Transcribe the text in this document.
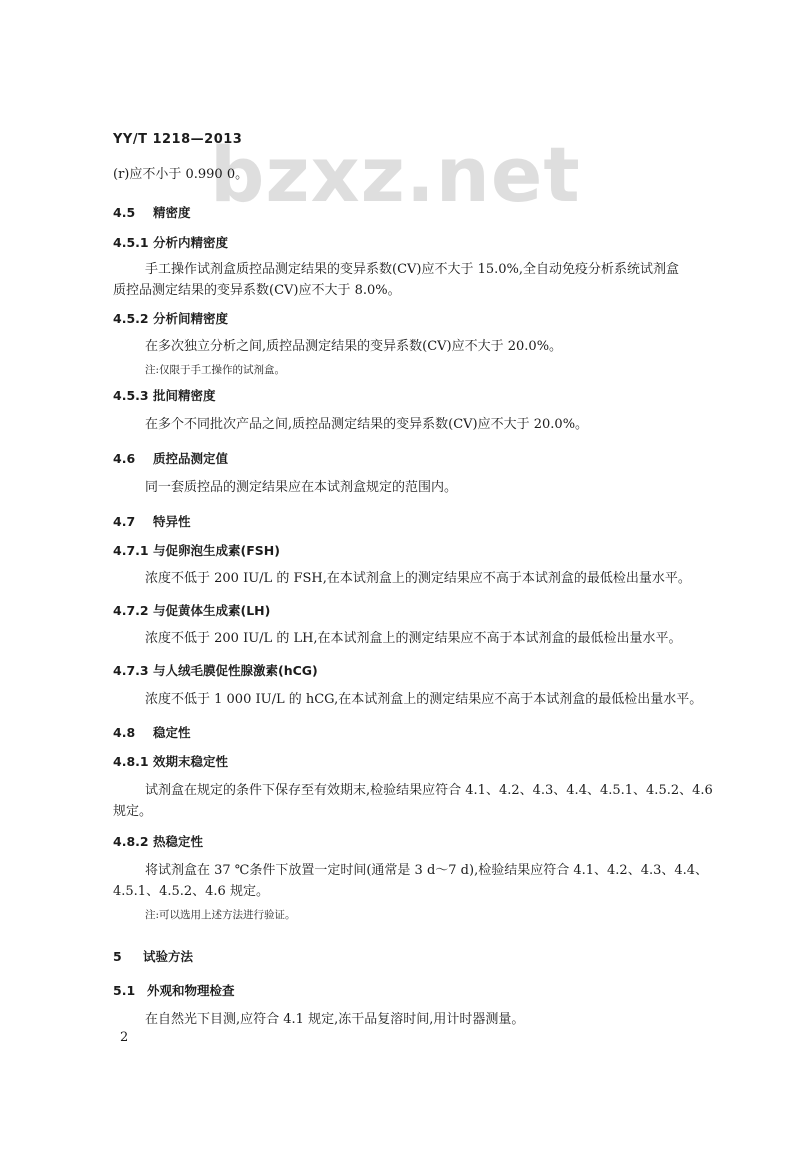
bzxz.net
YY/T 1218—2013
(r)应不小于 0.990 0。
4.5 精密度
4.5.1 分析内精密度
手工操作试剂盒质控品测定结果的变异系数(CV)应不大于 15.0%,全自动免疫分析系统试剂盒
质控品测定结果的变异系数(CV)应不大于 8.0%。
4.5.2 分析间精密度
在多次独立分析之间,质控品测定结果的变异系数(CV)应不大于 20.0%。
注:仅限于手工操作的试剂盒。
4.5.3 批间精密度
在多个不同批次产品之间,质控品测定结果的变异系数(CV)应不大于 20.0%。
4.6 质控品测定值
同一套质控品的测定结果应在本试剂盒规定的范围内。
4.7 特异性
4.7.1 与促卵泡生成素(FSH)
浓度不低于 200 IU/L 的 FSH,在本试剂盒上的测定结果应不高于本试剂盒的最低检出量水平。
4.7.2 与促黄体生成素(LH)
浓度不低于 200 IU/L 的 LH,在本试剂盒上的测定结果应不高于本试剂盒的最低检出量水平。
4.7.3 与人绒毛膜促性腺激素(hCG)
浓度不低于 1 000 IU/L 的 hCG,在本试剂盒上的测定结果应不高于本试剂盒的最低检出量水平。
4.8 稳定性
4.8.1 效期末稳定性
试剂盒在规定的条件下保存至有效期末,检验结果应符合 4.1、4.2、4.3、4.4、4.5.1、4.5.2、4.6
规定。
4.8.2 热稳定性
将试剂盒在 37 ℃条件下放置一定时间(通常是 3 d～7 d),检验结果应符合 4.1、4.2、4.3、4.4、
4.5.1、4.5.2、4.6 规定。
注:可以选用上述方法进行验证。
5 试验方法
5.1 外观和物理检查
在自然光下目测,应符合 4.1 规定,冻干品复溶时间,用计时器测量。
2
